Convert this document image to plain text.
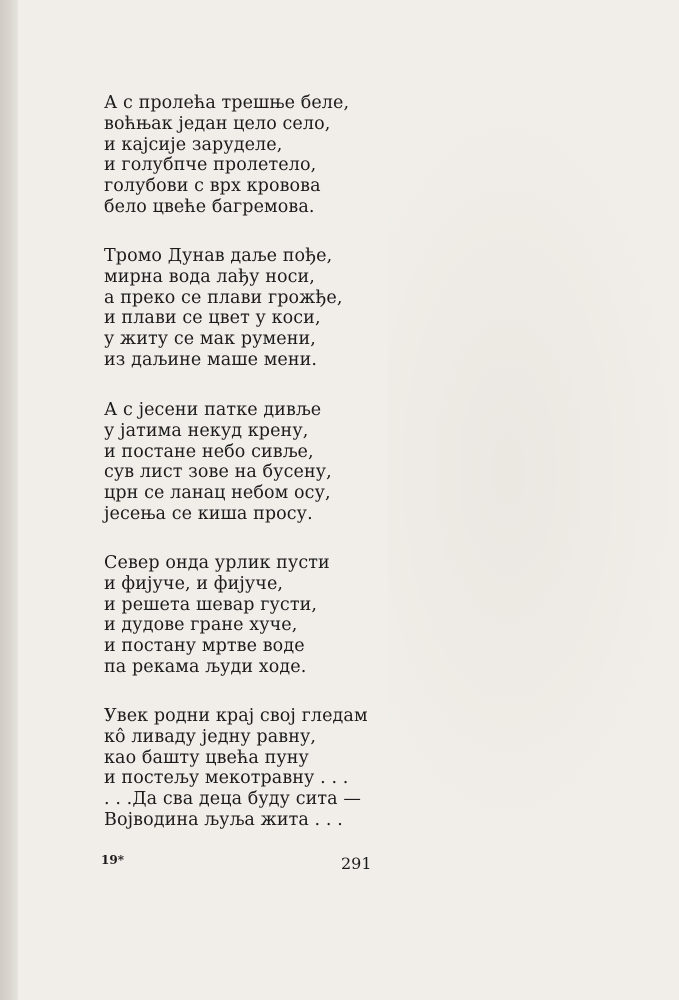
А с пролећа трешње беле,
воћњак један цело село,
и кајсије заруделе,
и голубпче пролетело,
голубови с врх кровова
бело цвеће багремова.
Тромо Дунав даље пође,
мирна вода лађу носи,
а преко се плави грожђе,
и плави се цвет у коси,
у житу се мак румени,
из даљине маше мени.
А с јесени патке дивље
у јатима некуд крену,
и постане небо сивље,
сув лист зове на бусену,
црн се ланац небом осу,
јесења се киша просу.
Север онда урлик пусти
и фијуче, и фијуче,
и решета шевар густи,
и дудове гране хуче,
и постану мртве воде
па рекама људи ходе.
Увек родни крај свој гледам
кô ливаду једну равну,
као башту цвећа пуну
и постељу мекотравну . . .
. . .Да сва деца буду сита —
Војводина љуља жита . . .
19*	291
